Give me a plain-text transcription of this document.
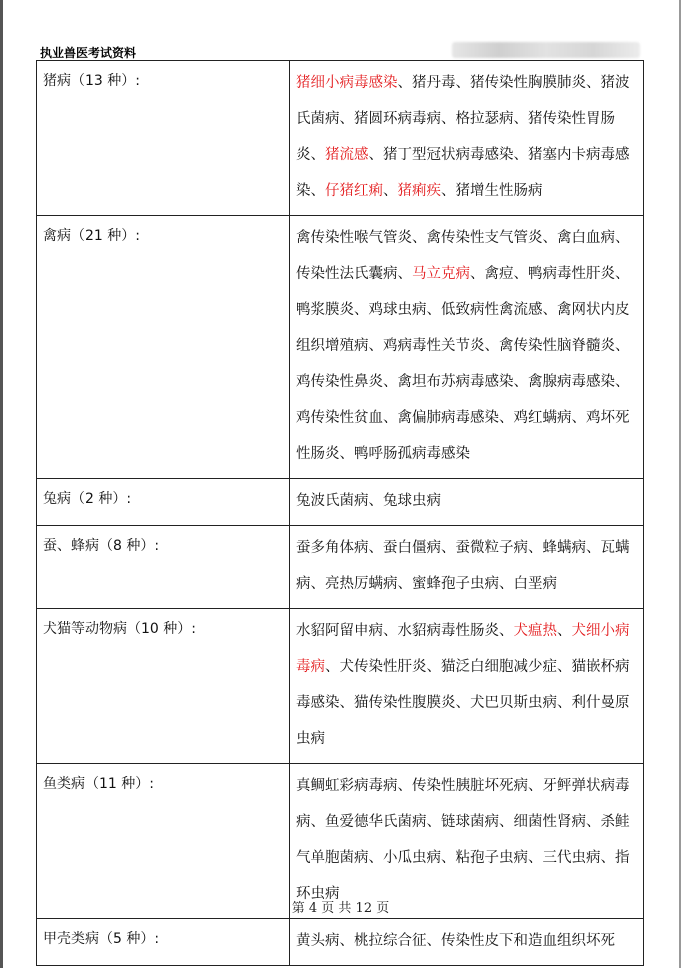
执业兽医考试资料
猪病（13 种）:	猪细小病毒感染、猪丹毒、猪传染性胸膜肺炎、猪波氏菌病、猪圆环病毒病、格拉瑟病、猪传染性胃肠炎、猪流感、猪丁型冠状病毒感染、猪塞内卡病毒感染、仔猪红痢、猪痢疾、猪增生性肠病
禽病（21 种）:	禽传染性喉气管炎、禽传染性支气管炎、禽白血病、传染性法氏囊病、马立克病、禽痘、鸭病毒性肝炎、鸭浆膜炎、鸡球虫病、低致病性禽流感、禽网状内皮组织增殖病、鸡病毒性关节炎、禽传染性脑脊髓炎、鸡传染性鼻炎、禽坦布苏病毒感染、禽腺病毒感染、鸡传染性贫血、禽偏肺病毒感染、鸡红螨病、鸡坏死性肠炎、鸭呼肠孤病毒感染
兔病（2 种）:	兔波氏菌病、兔球虫病
蚕、蜂病（8 种）:	蚕多角体病、蚕白僵病、蚕微粒子病、蜂螨病、瓦螨病、亮热厉螨病、蜜蜂孢子虫病、白垩病
犬猫等动物病（10 种）:	水貂阿留申病、水貂病毒性肠炎、犬瘟热、犬细小病毒病、犬传染性肝炎、猫泛白细胞减少症、猫嵌杯病毒感染、猫传染性腹膜炎、犬巴贝斯虫病、利什曼原虫病
鱼类病（11 种）:	真鲷虹彩病毒病、传染性胰脏坏死病、牙鲆弹状病毒病、鱼爱德华氏菌病、链球菌病、细菌性肾病、杀鲑气单胞菌病、小瓜虫病、粘孢子虫病、三代虫病、指环虫病
甲壳类病（5 种）:	黄头病、桃拉综合征、传染性皮下和造血组织坏死
第 4 页 共 12 页
